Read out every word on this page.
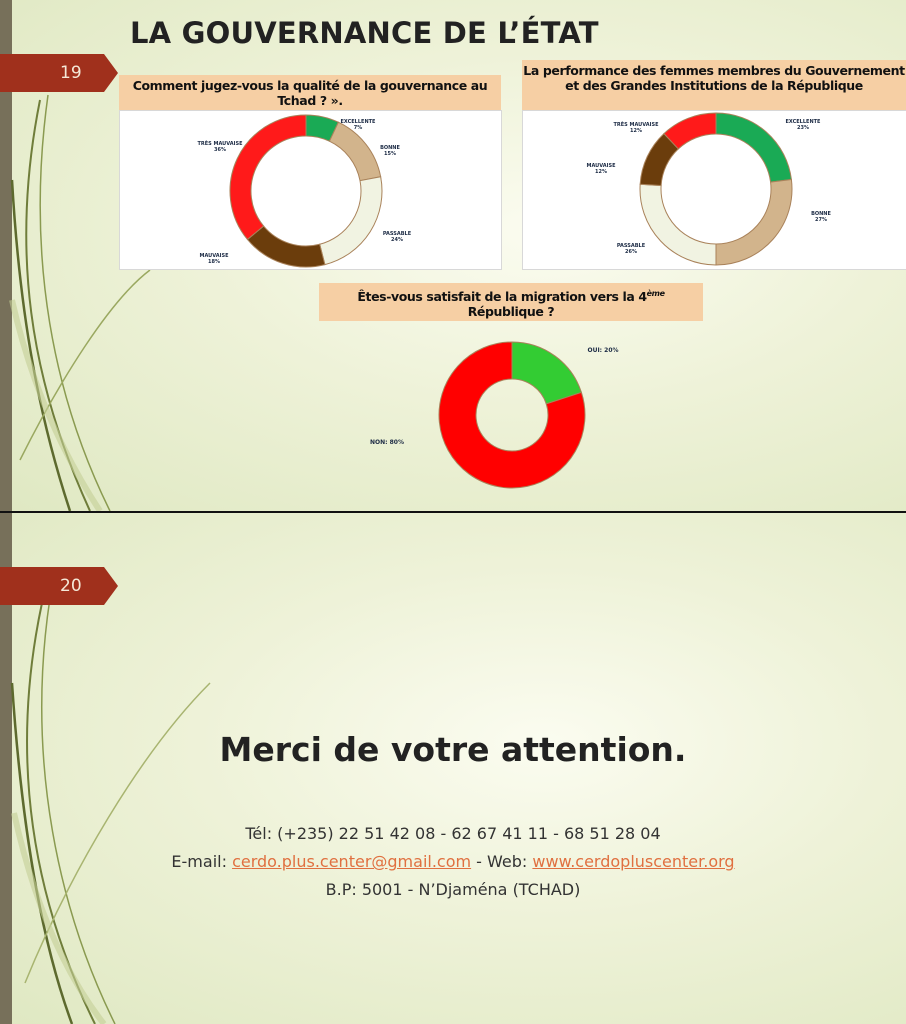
19
LA GOUVERNANCE DE L’ÉTAT
Comment jugez-vous la qualité de la gouvernance au Tchad ? ».
EXCELLENTE 7%
BONNE 15%
PASSABLE 24%
MAUVAISE 18%
TRÈS MAUVAISE 36%
La performance des femmes membres du Gouvernement et des Grandes Institutions de la République
EXCELLENTE 23%
BONNE 27%
PASSABLE 26%
MAUVAISE 12%
TRÈS MAUVAISE 12%
Êtes-vous satisfait de la migration vers la 4ème
République ?
OUI: 20%
NON: 80%
20
Merci de votre attention.
Tél: (+235) 22 51 42 08 - 62 67 41 11 - 68 51 28 04
E-mail: cerdo.plus.center@gmail.com - Web: www.cerdopluscenter.org
B.P: 5001 - N’Djaména (TCHAD)
